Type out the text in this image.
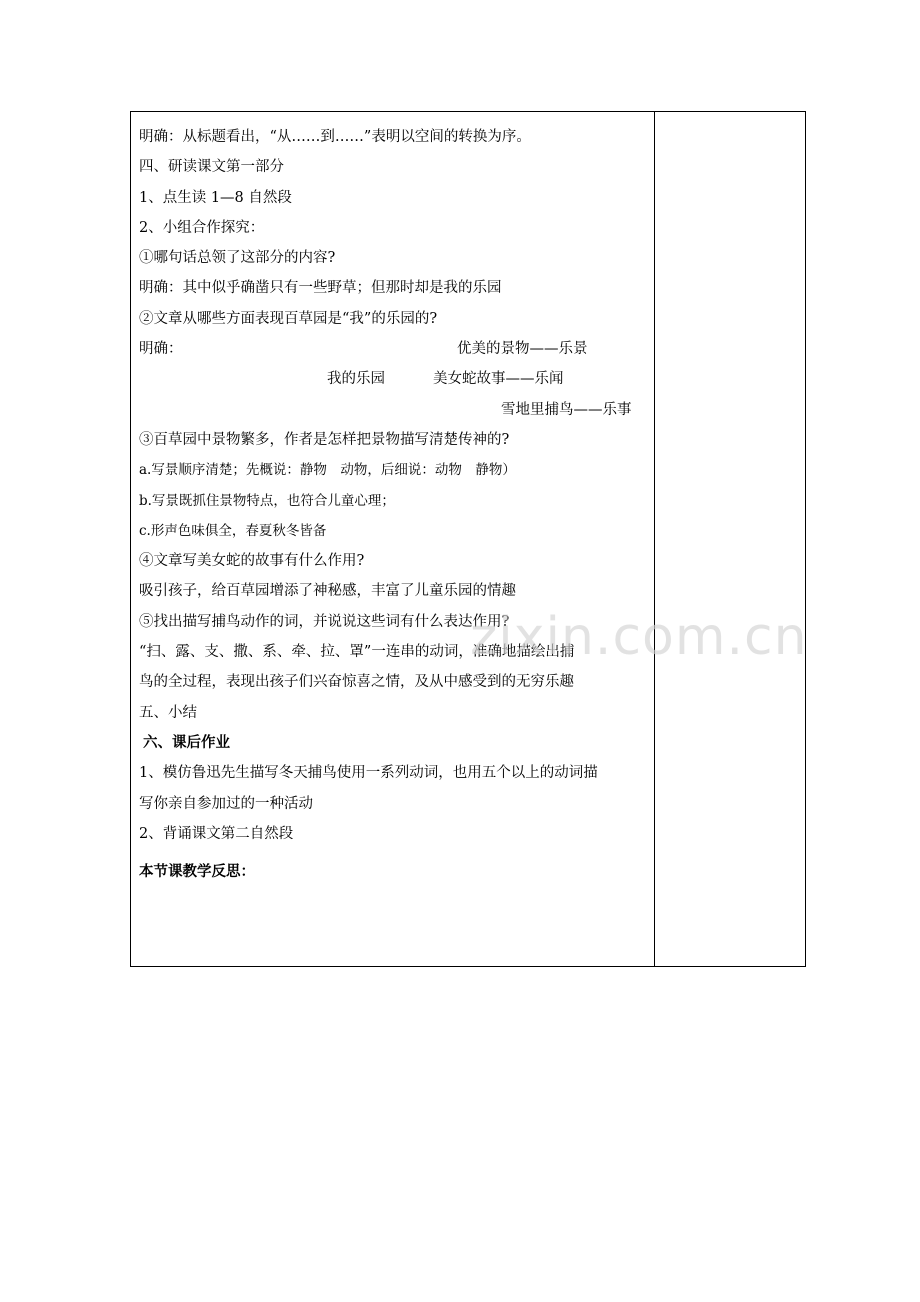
明确：从标题看出，“从……到……”表明以空间的转换为序。
四、研读课文第一部分
1、点生读 1—8 自然段
2、小组合作探究：
①哪句话总领了这部分的内容?
明确：其中似乎确凿只有一些野草；但那时却是我的乐园
②文章从哪些方面表现百草园是“我”的乐园的?
明确：	优美的景物——乐景
我的乐园	美女蛇故事——乐闻
雪地里捕鸟——乐事
③百草园中景物繁多，作者是怎样把景物描写清楚传神的?
a.写景顺序清楚；先概说：静物　动物，后细说：动物　静物）
b.写景既抓住景物特点，也符合儿童心理；
c.形声色味俱全，春夏秋冬皆备
④文章写美女蛇的故事有什么作用?
吸引孩子，给百草园增添了神秘感，丰富了儿童乐园的情趣
⑤找出描写捕鸟动作的词，并说说这些词有什么表达作用?
“扫、露、支、撒、系、牵、拉、罩”一连串的动词，准确地描绘出捕
鸟的全过程，表现出孩子们兴奋惊喜之情，及从中感受到的无穷乐趣
五、小结
六、课后作业
1、模仿鲁迅先生描写冬天捕鸟使用一系列动词，也用五个以上的动词描
写你亲自参加过的一种活动
2、背诵课文第二自然段
本节课教学反思：
zixin.com.cn
